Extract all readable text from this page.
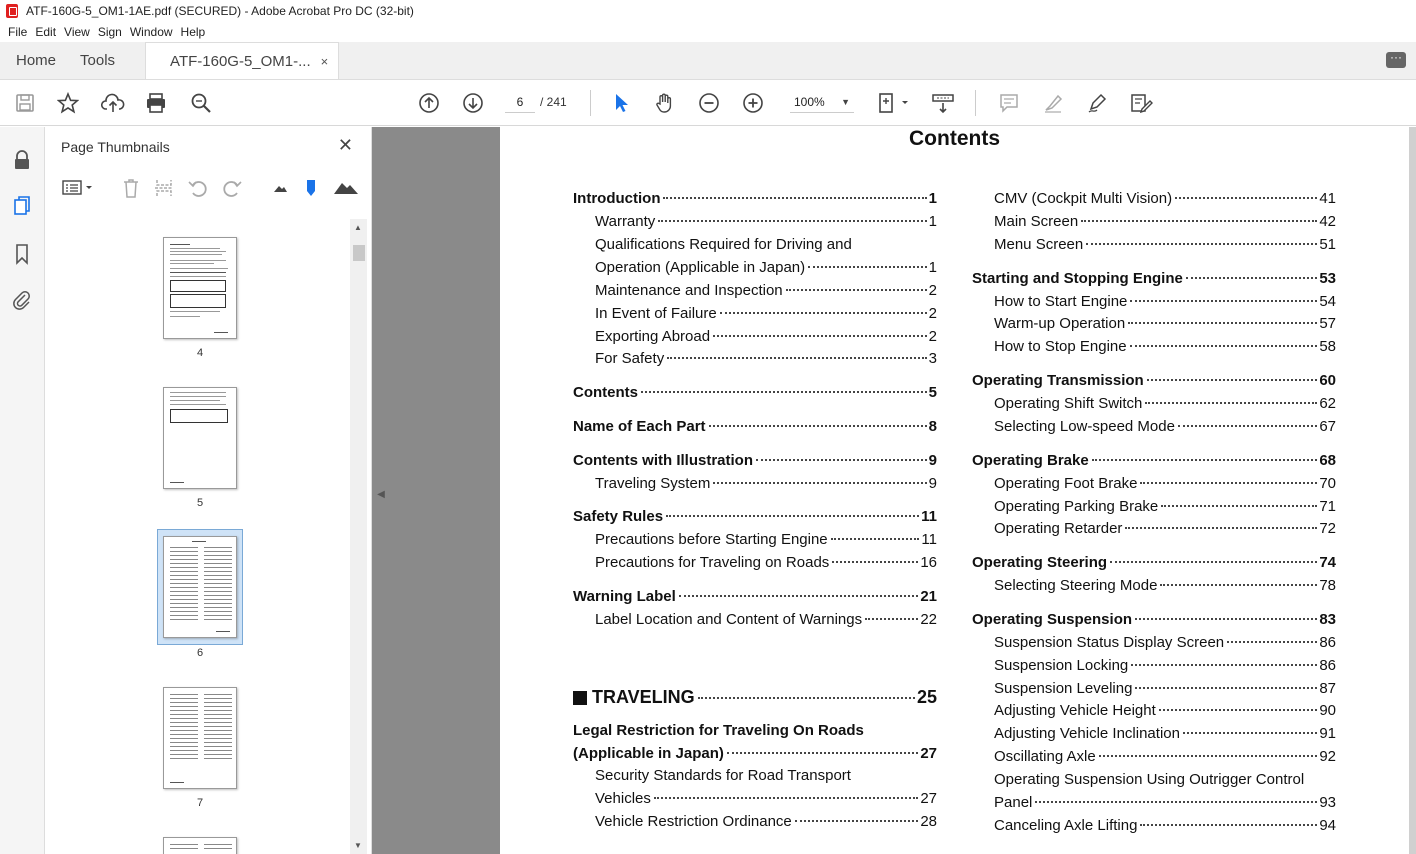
ATF-160G-5_OM1-1AE.pdf (SECURED) - Adobe Acrobat Pro DC (32-bit)
File Edit View Sign Window Help
Home	Tools	ATF-160G-5_OM1-... ×
···
6	/ 241	100% ▼
Page Thumbnails	✕
4
5
6
7
▲
▼
◀
Contents
Introduction	1
Warranty	1
Qualifications Required for Driving and
Operation (Applicable in Japan)	1
Maintenance and Inspection	2
In Event of Failure	2
Exporting Abroad	2
For Safety	3
Contents	5
Name of Each Part	8
Contents with Illustration	9
Traveling System	9
Safety Rules	11
Precautions before Starting Engine	11
Precautions for Traveling on Roads	16
Warning Label	21
Label Location and Content of Warnings	22
TRAVELING	25
Legal Restriction for Traveling On Roads
(Applicable in Japan)	27
Security Standards for Road Transport
Vehicles	27
Vehicle Restriction Ordinance	28
CMV (Cockpit Multi Vision)	41
Main Screen	42
Menu Screen	51
Starting and Stopping Engine	53
How to Start Engine	54
Warm-up Operation	57
How to Stop Engine	58
Operating Transmission	60
Operating Shift Switch	62
Selecting Low-speed Mode	67
Operating Brake	68
Operating Foot Brake	70
Operating Parking Brake	71
Operating Retarder	72
Operating Steering	74
Selecting Steering Mode	78
Operating Suspension	83
Suspension Status Display Screen	86
Suspension Locking	86
Suspension Leveling	87
Adjusting Vehicle Height	90
Adjusting Vehicle Inclination	91
Oscillating Axle	92
Operating Suspension Using Outrigger Control
Panel	93
Canceling Axle Lifting	94
